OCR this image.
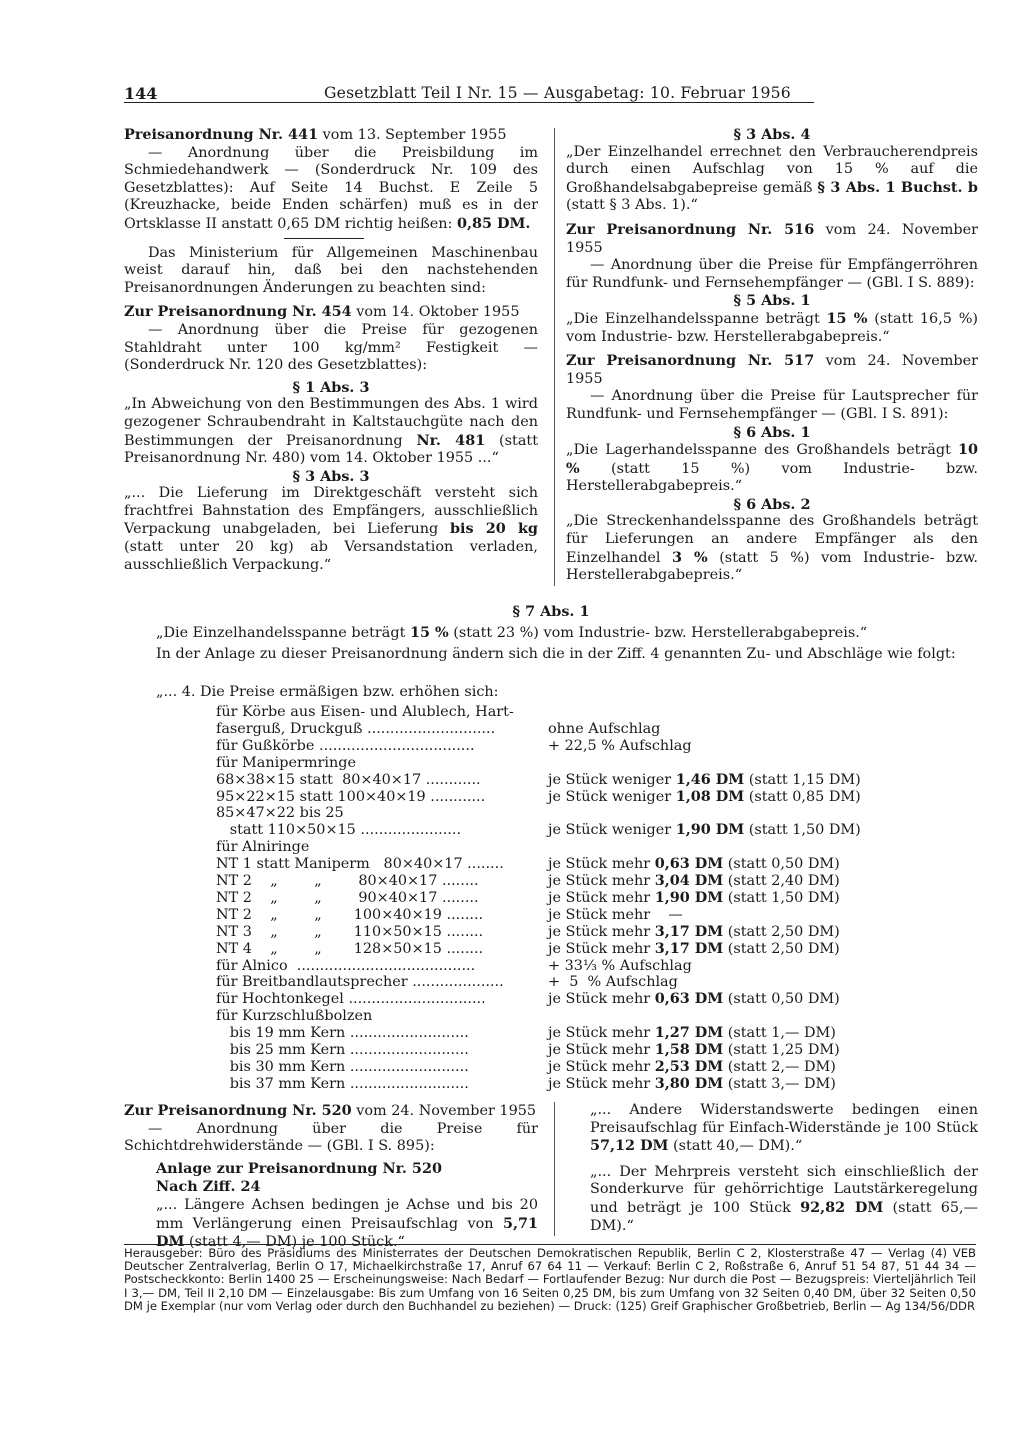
144	Gesetzblatt Teil I Nr. 15 — Ausgabetag: 10. Februar 1956

Preisanordnung Nr. 441 vom 13. September 1955

— Anordnung über die Preisbildung im Schmiedehandwerk — (Sonderdruck Nr. 109 des Gesetzblattes): Auf Seite 14 Buchst. E Zeile 5 (Kreuzhacke, beide Enden schärfen) muß es in der Ortsklasse II anstatt 0,65 DM richtig heißen: 0,85 DM.

Das Ministerium für Allgemeinen Maschinenbau weist darauf hin, daß bei den nachstehenden Preisanordnungen Änderungen zu beachten sind:

Zur Preisanordnung Nr. 454 vom 14. Oktober 1955

— Anordnung über die Preise für gezogenen Stahldraht unter 100 kg/mm² Festigkeit — (Sonderdruck Nr. 120 des Gesetzblattes):

§ 1 Abs. 3

„In Abweichung von den Bestimmungen des Abs. 1 wird gezogener Schraubendraht in Kaltstauchgüte nach den Bestimmungen der Preisanordnung Nr. 481 (statt Preisanordnung Nr. 480) vom 14. Oktober 1955 ...“

§ 3 Abs. 3

„... Die Lieferung im Direktgeschäft versteht sich frachtfrei Bahnstation des Empfängers, ausschließlich Verpackung unabgeladen, bei Lieferung bis 20 kg (statt unter 20 kg) ab Versandstation verladen, ausschließlich Verpackung.“

§ 3 Abs. 4

„Der Einzelhandel errechnet den Verbraucherendpreis durch einen Aufschlag von 15 % auf die Großhandelsabgabepreise gemäß § 3 Abs. 1 Buchst. b (statt § 3 Abs. 1).“

Zur Preisanordnung Nr. 516 vom 24. November 1955

— Anordnung über die Preise für Empfängerröhren für Rundfunk- und Fernsehempfänger — (GBl. I S. 889):

§ 5 Abs. 1

„Die Einzelhandelsspanne beträgt 15 % (statt 16,5 %) vom Industrie- bzw. Herstellerabgabepreis.“

Zur Preisanordnung Nr. 517 vom 24. November 1955

— Anordnung über die Preise für Lautsprecher für Rundfunk- und Fernsehempfänger — (GBl. I S. 891):

§ 6 Abs. 1

„Die Lagerhandelsspanne des Großhandels beträgt 10 % (statt 15 %) vom Industrie- bzw. Herstellerabgabepreis.“

§ 6 Abs. 2

„Die Streckenhandelsspanne des Großhandels beträgt für Lieferungen an andere Empfänger als den Einzelhandel 3 % (statt 5 %) vom Industrie- bzw. Herstellerabgabepreis.“

§ 7 Abs. 1
„Die Einzelhandelsspanne beträgt 15 % (statt 23 %) vom Industrie- bzw. Herstellerabgabepreis.“
In der Anlage zu dieser Preisanordnung ändern sich die in der Ziff. 4 genannten Zu- und Abschläge wie folgt:
„... 4. Die Preise ermäßigen bzw. erhöhen sich:
für Körbe aus Eisen- und Alublech, Hart-
faserguß, Druckguß ............................	ohne Aufschlag
für Gußkörbe ..................................	+ 22,5 % Aufschlag
für Manipermringe
68×38×15 statt  80×40×17 ............	je Stück weniger 1,46 DM (statt 1,15 DM)
95×22×15 statt 100×40×19 ............	je Stück weniger 1,08 DM (statt 0,85 DM)
85×47×22 bis 25
statt 110×50×15 ......................	je Stück weniger 1,90 DM (statt 1,50 DM)
für Alniringe
NT 1 statt Maniperm   80×40×17 ........	je Stück mehr 0,63 DM (statt 0,50 DM)
NT 2    „        „        80×40×17 ........	je Stück mehr 3,04 DM (statt 2,40 DM)
NT 2    „        „        90×40×17 ........	je Stück mehr 1,90 DM (statt 1,50 DM)
NT 2    „        „       100×40×19 ........	je Stück mehr    —
NT 3    „        „       110×50×15 ........	je Stück mehr 3,17 DM (statt 2,50 DM)
NT 4    „        „       128×50×15 ........	je Stück mehr 3,17 DM (statt 2,50 DM)
für Alnico  .......................................	+ 33⅓ % Aufschlag
für Breitbandlautsprecher ....................	+  5  % Aufschlag
für Hochtonkegel ..............................	je Stück mehr 0,63 DM (statt 0,50 DM)
für Kurzschlußbolzen
bis 19 mm Kern ..........................	je Stück mehr 1,27 DM (statt 1,— DM)
bis 25 mm Kern ..........................	je Stück mehr 1,58 DM (statt 1,25 DM)
bis 30 mm Kern ..........................	je Stück mehr 2,53 DM (statt 2,— DM)
bis 37 mm Kern ..........................	je Stück mehr 3,80 DM (statt 3,— DM)

Zur Preisanordnung Nr. 520 vom 24. November 1955

— Anordnung über die Preise für Schichtdrehwiderstände — (GBl. I S. 895):

Anlage zur Preisanordnung Nr. 520

Nach Ziff. 24

„... Längere Achsen bedingen je Achse und bis 20 mm Verlängerung einen Preisaufschlag von 5,71 DM (statt 4,— DM) je 100 Stück.“

„... Andere Widerstandswerte bedingen einen Preisaufschlag für Einfach-Widerstände je 100 Stück 57,12 DM (statt 40,— DM).“

„... Der Mehrpreis versteht sich einschließlich der Sonderkurve für gehörrichtige Lautstärkeregelung und beträgt je 100 Stück 92,82 DM (statt 65,— DM).“

Herausgeber: Büro des Präsidiums des Ministerrates der Deutschen Demokratischen Republik, Berlin C 2, Klosterstraße 47 — Verlag (4) VEB Deutscher Zentralverlag, Berlin O 17, Michaelkirchstraße 17, Anruf 67 64 11 — Verkauf: Berlin C 2, Roßstraße 6, Anruf 51 54 87, 51 44 34 — Postscheckkonto: Berlin 1400 25 — Erscheinungsweise: Nach Bedarf — Fortlaufender Bezug: Nur durch die Post — Bezugspreis: Vierteljährlich Teil I 3,— DM, Teil II 2,10 DM — Einzelausgabe: Bis zum Umfang von 16 Seiten 0,25 DM, bis zum Umfang von 32 Seiten 0,40 DM, über 32 Seiten 0,50 DM je Exemplar (nur vom Verlag oder durch den Buchhandel zu beziehen) — Druck: (125) Greif Graphischer Großbetrieb, Berlin — Ag 134/56/DDR
